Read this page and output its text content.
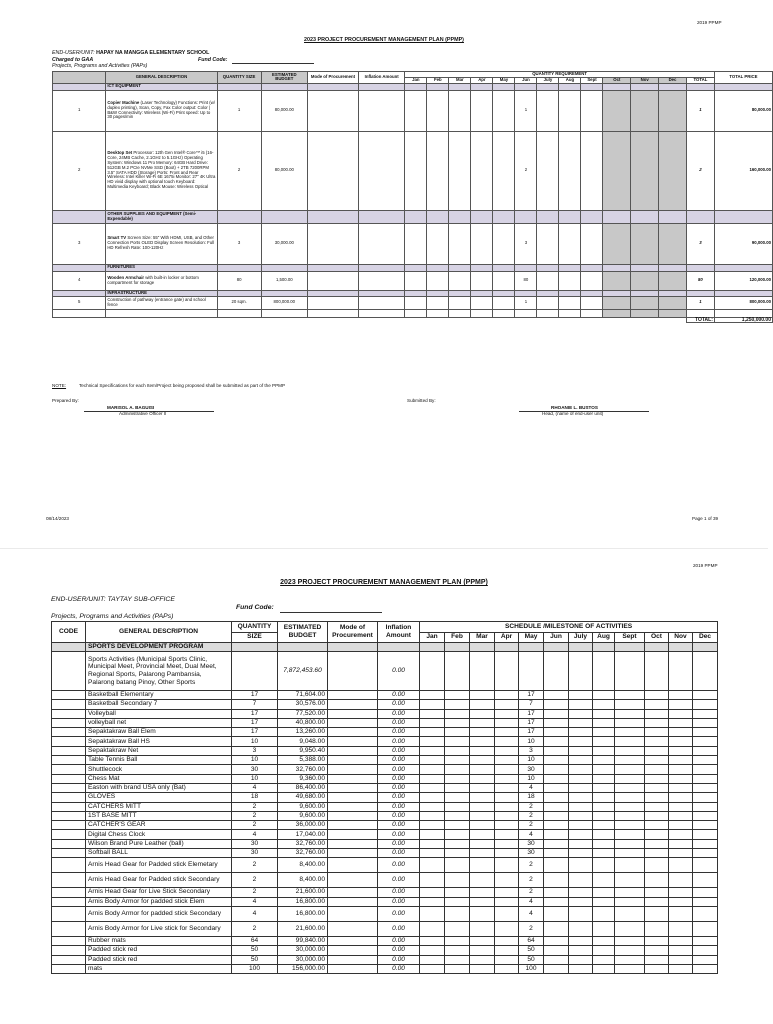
2019 PPMP
2023 PROJECT PROCUREMENT MANAGEMENT PLAN (PPMP)
END-USER/UNIT: HAPAY NA MANGGA ELEMENTARY SCHOOL
Charged to GAA	Fund Code:
Projects, Programs and Activities (PAPs)
	GENERAL DESCRIPTION	QUANTITY SIZE	ESTIMATED BUDGET	Mode of Procurement	Inflation Amount	QUANTITY REQUIREMENT													TOTAL PRICE
						Jan	Feb	Mar	Apr	May	Jun	July	Aug	Sept	Oct	Nov	Dec	TOTAL	
	ICT EQUIPMENT																		
1	Copier Machine (Laser Technology) Functions: Print (w/ duplex printing), Scan, Copy, Fax Color output: Color | B&W Connectivity: Wireless (Wi-Fi) Print speed: Up to 30 pages/min	1	80,000.00								1							1	80,000.00
2	Desktop Set Processor: 12th Gen Intel® Core™ i5 (16-Core, 24MB Cache, 2.1GHz to 5.1GHz) Operating System: Windows 11 Pro Memory: 64GB Hard Drive: 512GB M.2 PCIe NVMe SSD (Boot) + 2TB 7200RPM 3.5" SATA HDD (Storage) Ports: Front and Rear Wireless: Intel Killer Wi-Fi 6E 1675i Monitor: 27" 4K Ultra HD vivid display with optional touch Keyboard: Multimedia Keyboard; Black Mouse: Wireless Optical	2	80,000.00								2							2	160,000.00
	OTHER SUPPLIES AND EQUIPMENT (Semi-Expendable)																		
3	Smart TV Screen Size: 55" With HDMI, USB, and Other Connection Ports OLED Display Screen Resolution: Full HD Refresh Rate: 100-120Hz	3	30,000.00								3							3	90,000.00
	FURNITURES																		
4	Wooden Armchair with built-in locker or bottom compartment for storage	80	1,500.00								80							80	120,000.00
	INFRASTRUCTURE																		
5	Construction of pathway (entrance gate) and school fence	20 sqm.	800,000.00								1							1	800,000.00

																		TOTAL:	1,250,000.00
NOTE:	Technical Specifications for each Item/Project being proposed shall be submitted as part of the PPMP
Prepared By:	Submitted By:
MARISOL A. BAGUISI
Administrative Officer II
RHOANIE L. BUSTOS
Head, (name of end-user unit)
08/14/2023	Page 1 of 39
2019 PPMP
2023 PROJECT PROCUREMENT MANAGEMENT PLAN (PPMP)
END-USER/UNIT: TAYTAY SUB-OFFICE
Fund Code:
Projects, Programs and Activities (PAPs)
CODE	GENERAL DESCRIPTION	QUANTITY	ESTIMATED BUDGET	Mode of Procurement	Inflation Amount	SCHEDULE /MILESTONE OF ACTIVITIES											
		SIZE				Jan	Feb	Mar	Apr	May	Jun	July	Aug	Sept	Oct	Nov	Dec
	SPORTS DEVELOPMENT PROGRAM																
	Sports Activities (Municipal Sports Clinic, Municipal Meet, Provincial Meet, Dual Meet, Regional Sports, Palarong Pambansia, Palarong batang Pinoy, Other Sports		7,872,453.60		0.00												
	Basketball Elementary	17	71,604.00		0.00					17							
	Basketball Secondary 7	7	30,576.00		0.00					7							
	Volleyball	17	77,520.00		0.00					17							
	volleyball net	17	40,800.00		0.00					17							
	Sepaktakraw Ball Elem	17	13,260.00		0.00					17							
	Sepaktakraw Ball HS	10	9,048.00		0.00					10							
	Sepaktakraw Net	3	9,950.40		0.00					3							
	Table Tennis Ball	10	5,388.00		0.00					10							
	Shuttlecock	30	32,760.00		0.00					30							
	Chess Mat	10	9,360.00		0.00					10							
	Easton with brand USA only (Bat)	4	86,400.00		0.00					4							
	GLOVES	18	49,680.00		0.00					18							
	CATCHERS MITT	2	9,600.00		0.00					2							
	1ST BASE MITT	2	9,600.00		0.00					2							
	CATCHER'S GEAR	2	36,000.00		0.00					2							
	Digital Chess Clock	4	17,040.00		0.00					4							
	Wilson Brand Pure Leather (ball)	30	32,760.00		0.00					30							
	Softball BALL	30	32,760.00		0.00					30							
	Arnis Head Gear for Padded stick Elemetary	2	8,400.00		0.00					2							
	Arnis Head Gear for Padded stick Secondary	2	8,400.00		0.00					2							
	Arnis Head Gear for Live Stick Secondary	2	21,600.00		0.00					2							
	Arnis Body Armor for padded stick Elem	4	16,800.00		0.00					4							
	Arnis Body Armor for padded stick Secondary	4	16,800.00		0.00					4							
	Arnis Body Armor for Live stick for Secondary	2	21,600.00		0.00					2							
	Rubber mats	64	99,840.00		0.00					64							
	Padded stick red	50	30,000.00		0.00					50							
	Padded stick red	50	30,000.00		0.00					50							
	mats	100	156,000.00		0.00					100							
